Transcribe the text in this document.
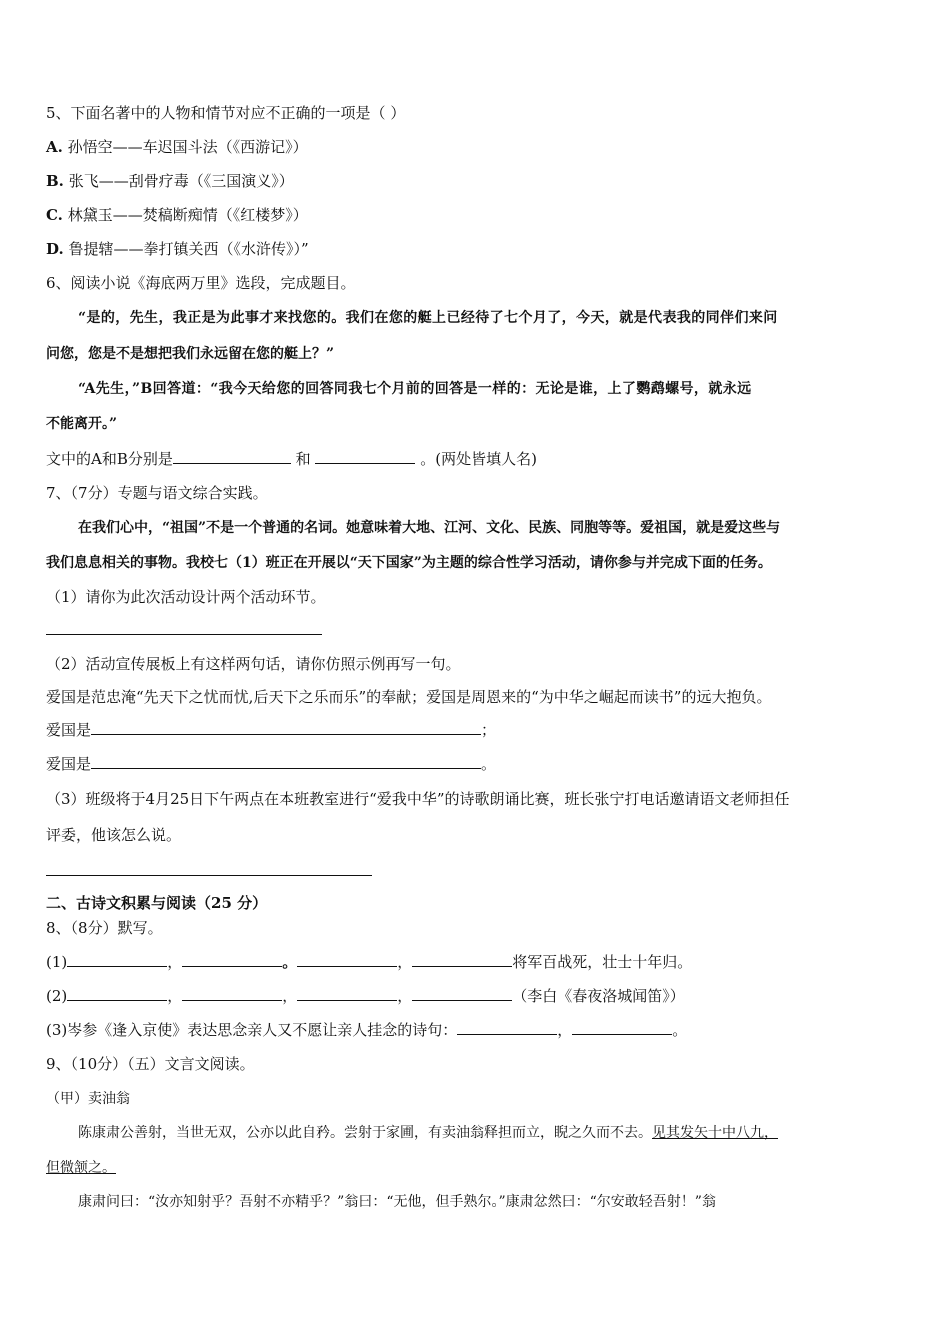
5、下面名著中的人物和情节对应不正确的一项是（ ）
A. 孙悟空——车迟国斗法（《西游记》）
B. 张飞——刮骨疗毒（《三国演义》）
C. 林黛玉——焚稿断痴情（《红楼梦》）
D. 鲁提辖——拳打镇关西（《水浒传》）”
6、阅读小说《海底两万里》选段，完成题目。
“是的，先生，我正是为此事才来找您的。我们在您的艇上已经待了七个月了，今天，就是代表我的同伴们来问
问您，您是不是想把我们永远留在您的艇上？”
“A先生，”B回答道：“我今天给您的回答同我七个月前的回答是一样的：无论是谁，上了鹦鹉螺号，就永远
不能离开。”
文中的A和B分别是	和	。(两处皆填人名)
7、（7分）专题与语文综合实践。
在我们心中，“祖国”不是一个普通的名词。她意味着大地、江河、文化、民族、同胞等等。爱祖国，就是爱这些与
我们息息相关的事物。我校七（1）班正在开展以“天下国家”为主题的综合性学习活动，请你参与并完成下面的任务。
（1）请你为此次活动设计两个活动环节。
（2）活动宣传展板上有这样两句话，请你仿照示例再写一句。
爱国是范忠淹“先天下之忧而忧,后天下之乐而乐”的奉献；爱国是周恩来的“为中华之崛起而读书”的远大抱负。
爱国是	；
爱国是	。
（3）班级将于4月25日下午两点在本班教室进行“爱我中华”的诗歌朗诵比赛，班长张宁打电话邀请语文老师担任
评委，他该怎么说。
二、古诗文积累与阅读（25 分）
8、（8分）默写。
(1)	，	。	，	将军百战死，壮士十年归。
(2)	，	，	，	（李白《春夜洛城闻笛》）
(3)岑参《逢入京使》表达思念亲人又不愿让亲人挂念的诗句：	，	。
9、（10分）（五）文言文阅读。
（甲）卖油翁
陈康肃公善射，当世无双，公亦以此自矜。尝射于家圃，有卖油翁释担而立，睨之久而不去。见其发矢十中八九，
但微颔之。
康肃问曰：“汝亦知射乎？吾射不亦精乎？”翁曰：“无他，但手熟尔。”康肃忿然曰：“尔安敢轻吾射！”翁
